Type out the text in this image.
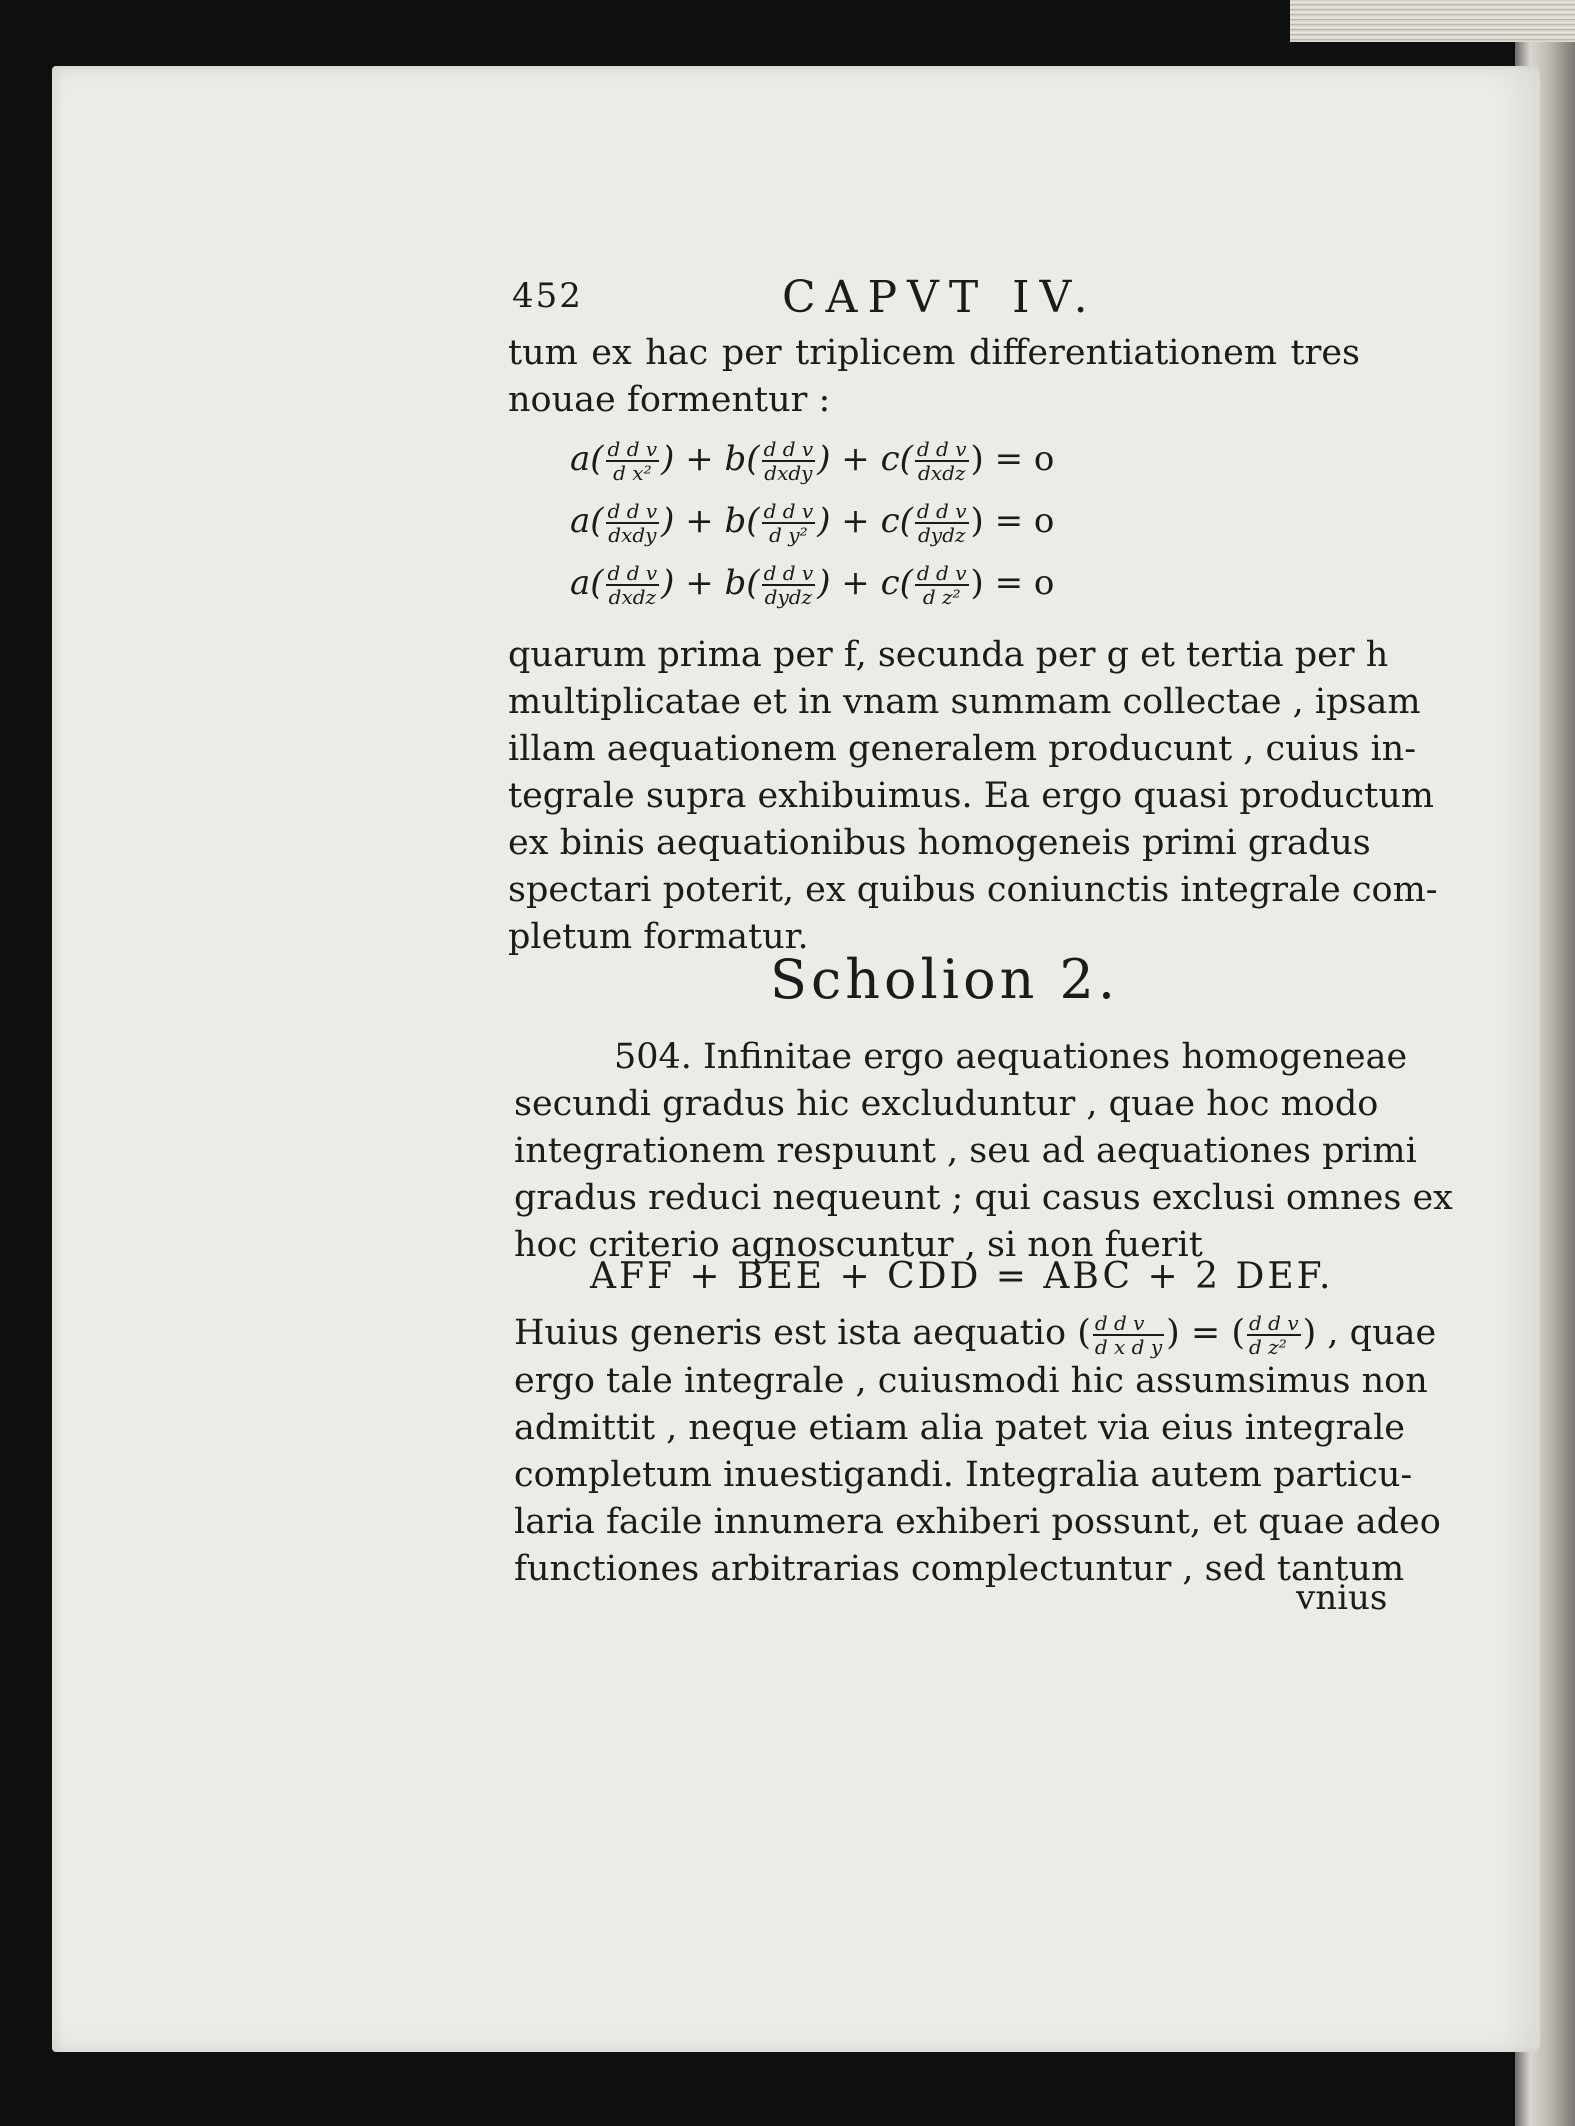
452	CAPVT IV.
tum ex hac per triplicem differentiationem tres
nouae formentur :
$a( \frac{\text{d d v}}{\text{d x²}}$ ) + $b( \frac{\text{d d v}}{\text{dxdy}}$ ) + $c( \frac{\text{d d v}}{\text{dxdz}}$ ) = o
$a( \frac{\text{d d v}}{\text{dxdy}}$ ) + $b( \frac{\text{d d v}}{\text{d y²}}$ ) + $c( \frac{\text{d d v}}{\text{dydz}}$ ) = o
$a( \frac{\text{d d v}}{\text{dxdz}}$ ) + $b( \frac{\text{d d v}}{\text{dydz}}$ ) + $c( \frac{\text{d d v}}{\text{d z²}}$ ) = o
quarum prima per f, secunda per g et tertia per h
multiplicatae et in vnam summam collectae , ipsam
illam aequationem generalem producunt , cuius in-
tegrale supra exhibuimus. Ea ergo quasi productum
ex binis aequationibus homogeneis primi gradus
spectari poterit, ex quibus coniunctis integrale com-
pletum formatur.
Scholion 2.
504. Infinitae ergo aequationes homogeneae
secundi gradus hic excluduntur , quae hoc modo
integrationem respuunt , seu ad aequationes primi
gradus reduci nequeunt ; qui casus exclusi omnes ex
hoc criterio agnoscuntur , si non fuerit
AFF + BEE + CDD = ABC + 2 DEF.
Huius generis est ista aequatio ( $\frac{\text{d d v}}{\text{d x d y}}$ ) = ( $\frac{\text{d d v}}{\text{d z²}}$ ) , quae
ergo tale integrale , cuiusmodi hic assumsimus non
admittit , neque etiam alia patet via eius integrale
completum inuestigandi. Integralia autem particu-
laria facile innumera exhiberi possunt, et quae adeo
functiones arbitrarias complectuntur , sed tantum
vnius
